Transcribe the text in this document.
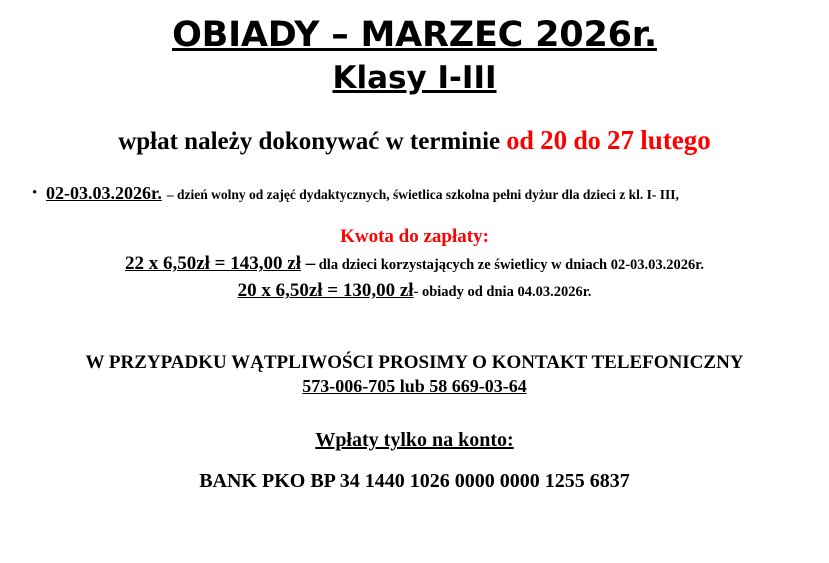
OBIADY – MARZEC 2026r.
Klasy I-III
wpłat należy dokonywać w terminie od 20 do 27 lutego
• 02-03.03.2026r. – dzień wolny od zajęć dydaktycznych, świetlica szkolna pełni dyżur dla dzieci z kl. I- III,
Kwota do zapłaty:
22 x 6,50zł = 143,00 zł – dla dzieci korzystających ze świetlicy w dniach 02-03.03.2026r.
20 x 6,50zł = 130,00 zł- obiady od dnia 04.03.2026r.
W PRZYPADKU WĄTPLIWOŚCI PROSIMY O KONTAKT TELEFONICZNY
573-006-705 lub 58 669-03-64
Wpłaty tylko na konto:
BANK PKO BP 34 1440 1026 0000 0000 1255 6837
